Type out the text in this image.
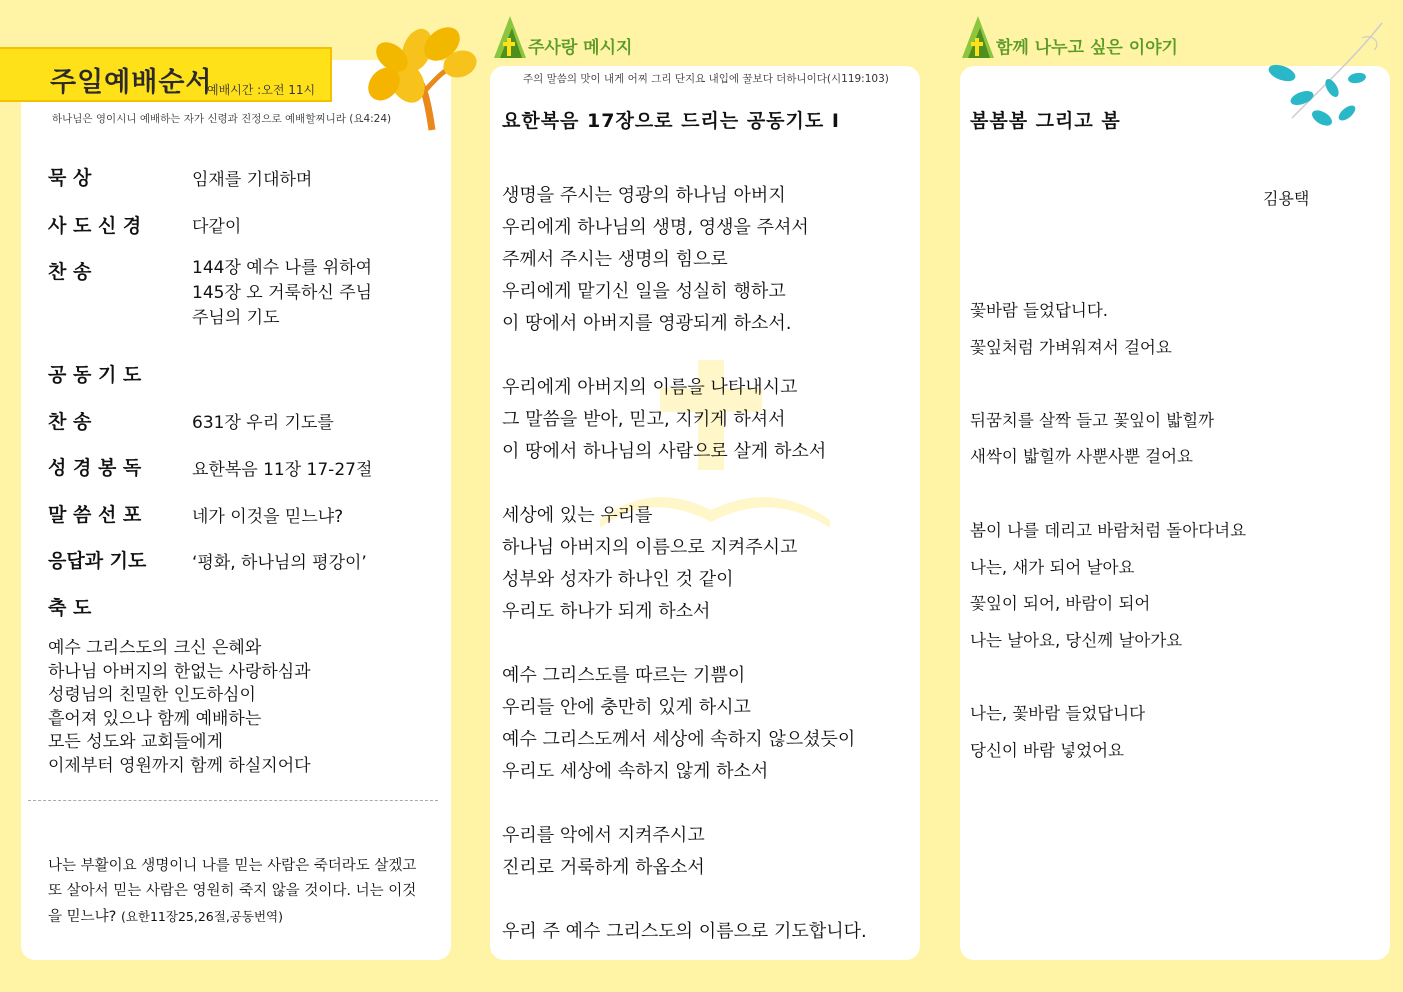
주일예배순서
예배시간 :오전 11시
하나님은 영이시니 예배하는 자가 신령과 진정으로 예배할찌니라 (요4:24)
묵 상	임재를 기대하며
사 도 신 경	다같이
찬 송	144장 예수 나를 위하여
145장 오 거룩하신 주님
주님의 기도
공 동 기 도
찬 송	631장 우리 기도를
성 경 봉 독	요한복음 11장 17-27절
말 씀 선 포	네가 이것을 믿느냐?
응답과 기도	‘평화, 하나님의 평강이’
축 도
예수 그리스도의 크신 은혜와
하나님 아버지의 한없는 사랑하심과
성령님의 친밀한 인도하심이
흩어져 있으나 함께 예배하는
모든 성도와 교회들에게
이제부터 영원까지 함께 하실지어다
나는 부활이요 생명이니 나를 믿는 사람은 죽더라도 살겠고 또 살아서 믿는 사람은 영원히 죽지 않을 것이다. 너는 이것을 믿느냐? (요한11장25,26절,공동번역)
주사랑 메시지
주의 말씀의 맛이 내게 어찌 그리 단지요 내입에 꿀보다 더하니이다(시119:103)
요한복음 17장으로 드리는 공동기도 I

생명을 주시는 영광의 하나님 아버지
우리에게 하나님의 생명, 영생을 주셔서
주께서 주시는 생명의 힘으로
우리에게 맡기신 일을 성실히 행하고
이 땅에서 아버지를 영광되게 하소서.

우리에게 아버지의 이름을 나타내시고
그 말씀을 받아, 믿고, 지키게 하셔서
이 땅에서 하나님의 사람으로 살게 하소서

세상에 있는 우리를
하나님 아버지의 이름으로 지켜주시고
성부와 성자가 하나인 것 같이
우리도 하나가 되게 하소서

예수 그리스도를 따르는 기쁨이
우리들 안에 충만히 있게 하시고
예수 그리스도께서 세상에 속하지 않으셨듯이
우리도 세상에 속하지 않게 하소서

우리를 악에서 지켜주시고
진리로 거룩하게 하옵소서

우리 주 예수 그리스도의 이름으로 기도합니다.

함께 나누고 싶은 이야기
봄봄봄 그리고 봄
김용택
꽃바람 들었답니다.
꽃잎처럼 가벼워져서 걸어요
뒤꿈치를 살짝 들고 꽃잎이 밟힐까
새싹이 밟힐까 사뿐사뿐 걸어요
봄이 나를 데리고 바람처럼 돌아다녀요
나는, 새가 되어 날아요
꽃잎이 되어, 바람이 되어
나는 날아요, 당신께 날아가요
나는, 꽃바람 들었답니다
당신이 바람 넣었어요
